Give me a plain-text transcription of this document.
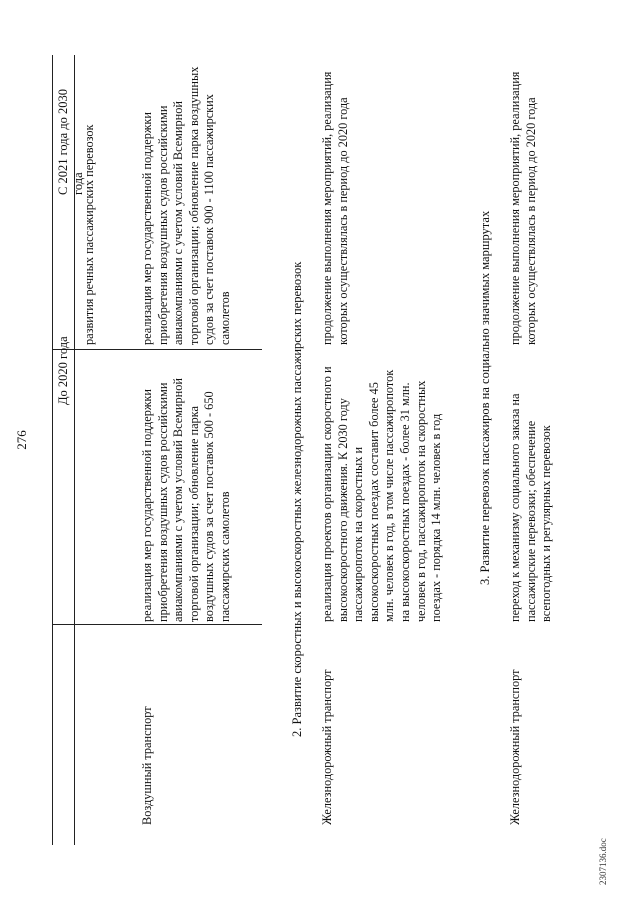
276
До 2020 года
С 2021 года до 2030 года
развития речных пассажирских перевозок
Воздушный транспорт
реализация мер государственной поддержки приобретения воздушных судов российскими авиакомпаниями с учетом условий Всемирной торговой организации; обновление парка воздушных судов за счет поставок 500 - 650 пассажирских самолетов
реализация мер государственной поддержки приобретения воздушных судов российскими авиакомпаниями с учетом условий Всемирной торговой организации; обновление парка воздушных судов за счет поставок 900 - 1100 пассажирских самолетов	2. Развитие скоростных и высокоскоростных железнодорожных пассажирских перевозок
Железнодорожный транспорт
реализация проектов организации скоростного и высокоскоростного движения. К 2030 году пассажиропоток на скоростных и высокоскоростных поездах составит более 45 млн. человек в год, в том числе пассажиропоток на высокоскоростных поездах - более 31 млн. человек в год, пассажиропоток на скоростных поездах - порядка 14 млн. человек в год
продолжение выполнения мероприятий, реализация которых осуществлялась в период до 2020 года	3. Развитие перевозок пассажиров на социально значимых маршрутах
Железнодорожный транспорт
переход к механизму социального заказа на пассажирские перевозки; обеспечение всепогодных и регулярных перевозок
продолжение выполнения мероприятий, реализация которых осуществлялась в период до 2020 года
2307136.doc
